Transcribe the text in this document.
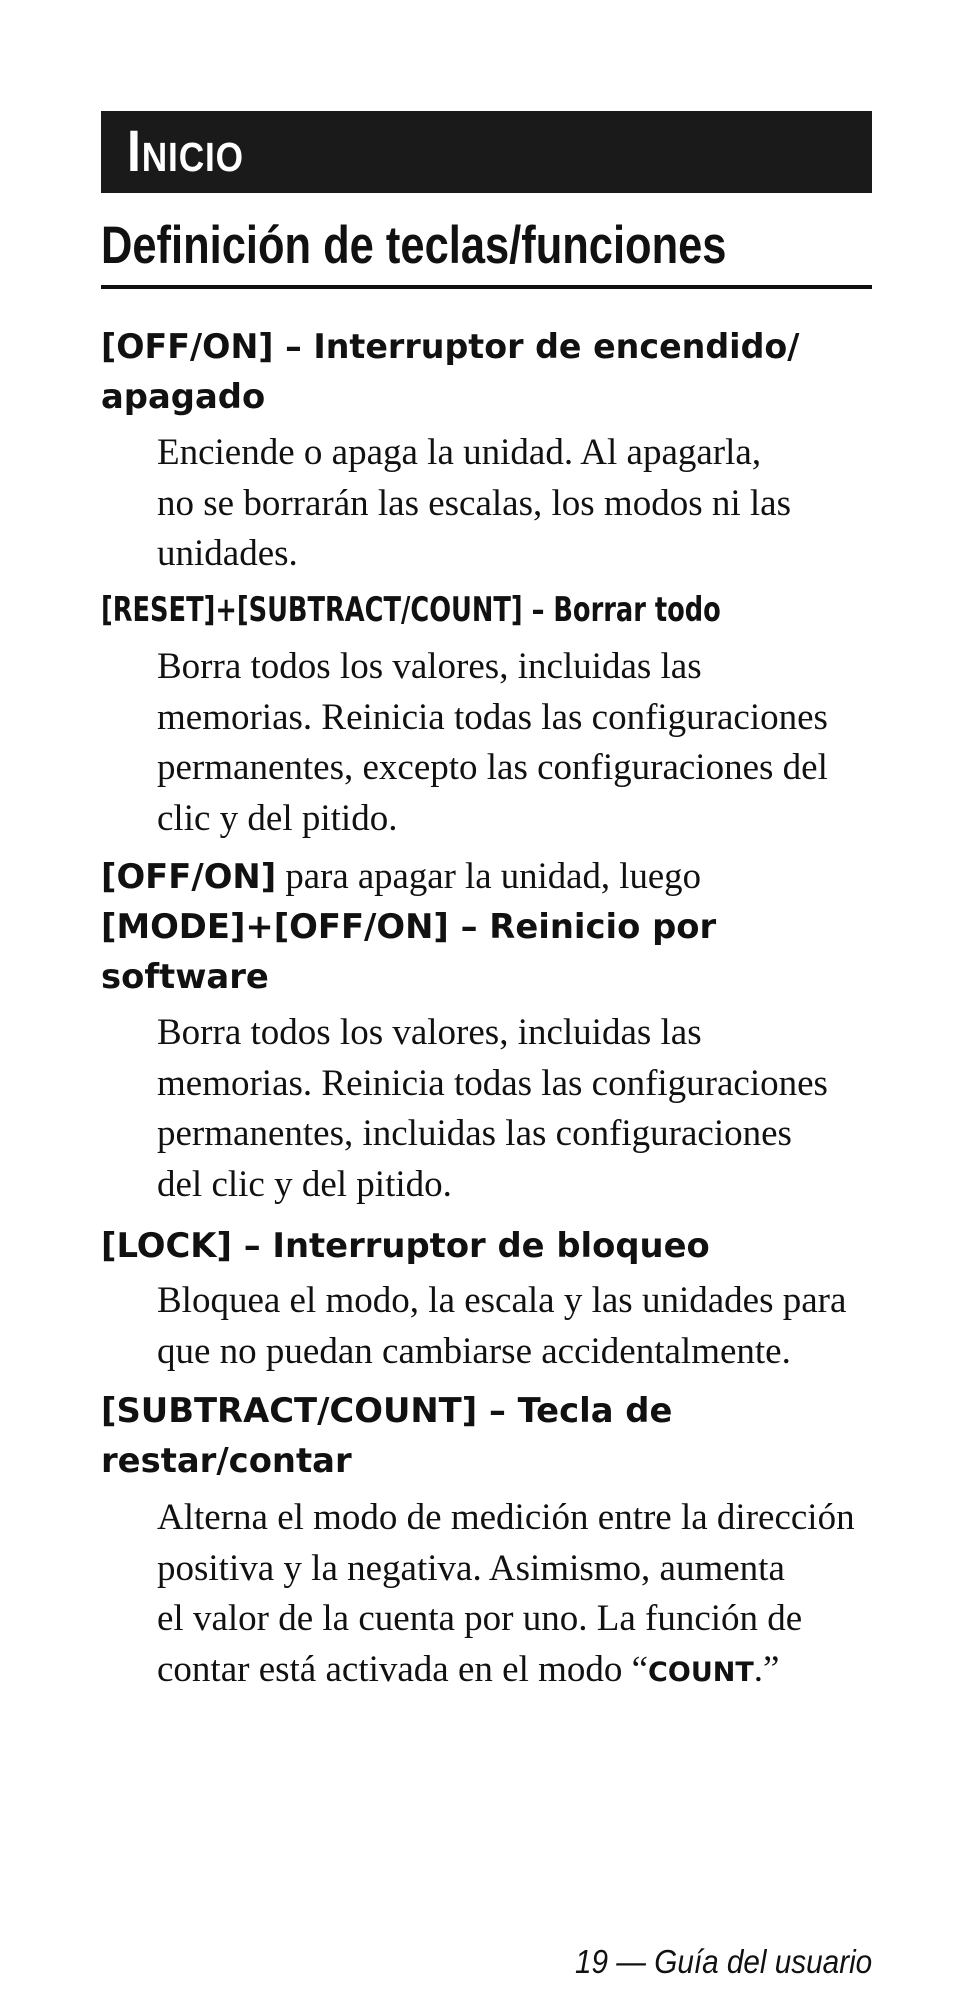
Inicio
Definición de teclas/funciones
[OFF/ON] – Interruptor de encendido/
apagado
Enciende o apaga la unidad. Al apagarla,
no se borrarán las escalas, los modos ni las
unidades.
[RESET]+[SUBTRACT/COUNT] – Borrar todo
Borra todos los valores, incluidas las
memorias. Reinicia todas las configuraciones
permanentes, excepto las configuraciones del
clic y del pitido.
[OFF/ON] para apagar la unidad, luego
[MODE]+[OFF/ON] – Reinicio por
software
Borra todos los valores, incluidas las
memorias. Reinicia todas las configuraciones
permanentes, incluidas las configuraciones
del clic y del pitido.
[LOCK] – Interruptor de bloqueo
Bloquea el modo, la escala y las unidades para
que no puedan cambiarse accidentalmente.
[SUBTRACT/COUNT] – Tecla de
restar/contar
Alterna el modo de medición entre la dirección
positiva y la negativa. Asimismo, aumenta
el valor de la cuenta por uno. La función de
contar está activada en el modo “COUNT.”
19 — Guía del usuario
